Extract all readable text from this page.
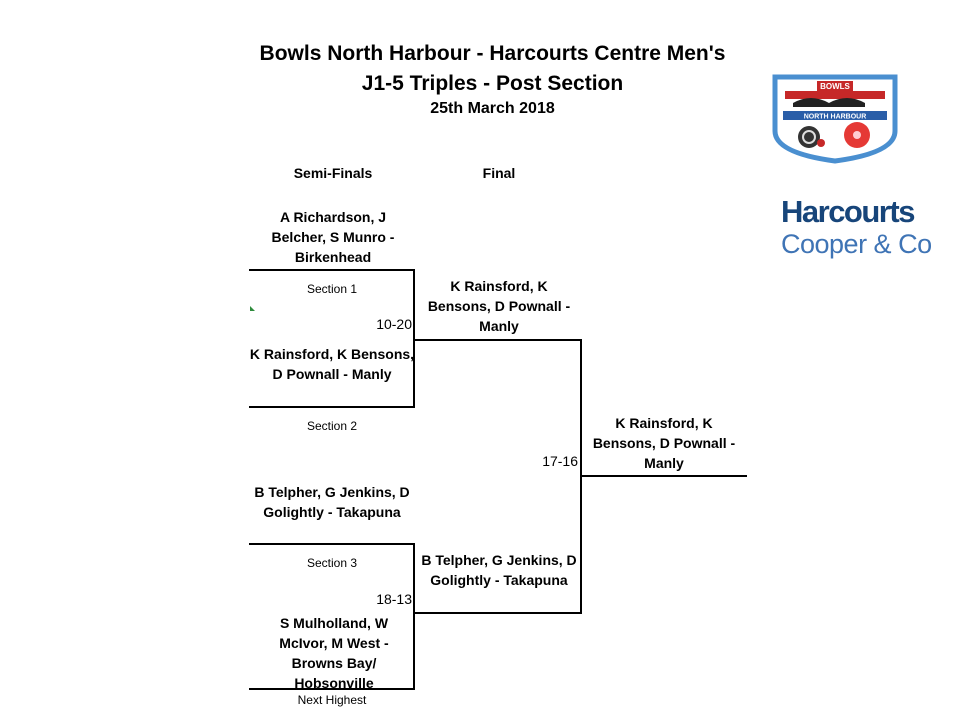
Bowls North Harbour - Harcourts Centre Men's
J1-5 Triples - Post Section
25th March 2018
Semi-Finals	Final
A Richardson, J Belcher, S Munro - Birkenhead
Section 1
10-20
K Rainsford, K Bensons, D Pownall - Manly
Section 2
B Telpher, G Jenkins, D Golightly - Takapuna
Section 3
18-13
S Mulholland, W McIvor, M West - Browns Bay/ Hobsonville
Next Highest
K Rainsford, K Bensons, D Pownall - Manly
17-16
B Telpher, G Jenkins, D Golightly - Takapuna
K Rainsford, K Bensons, D Pownall - Manly
BOWLS
NORTH HARBOUR
Harcourts
Cooper & Co
